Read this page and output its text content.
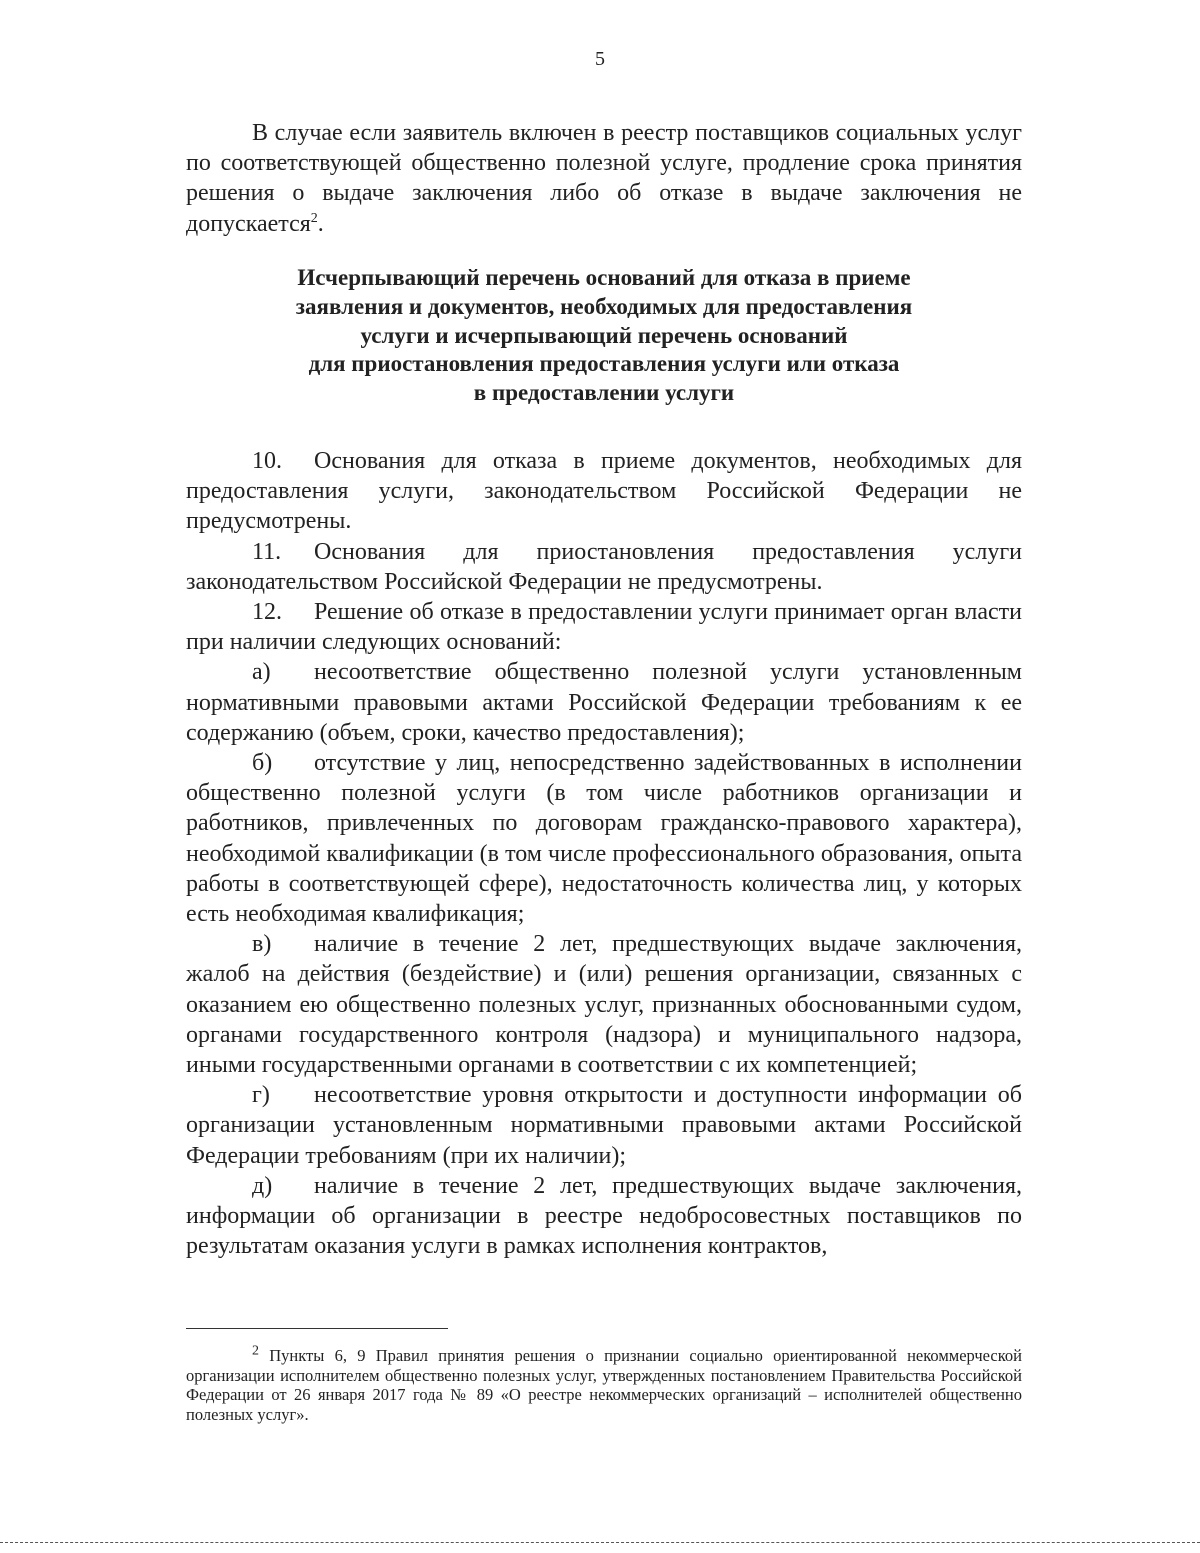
5

В случае если заявитель включен в реестр поставщиков социальных услуг по соответствующей общественно полезной услуге, продление срока принятия решения о выдаче заключения либо об отказе в выдаче заключения не допускается$^2$.

Исчерпывающий перечень оснований для отказа в приеме
заявления и документов, необходимых для предоставления
услуги и исчерпывающий перечень оснований
для приостановления предоставления услуги или отказа
в предоставлении услуги

10. Основания для отказа в приеме документов, необходимых для предоставления услуги, законодательством Российской Федерации не предусмотрены.

11. Основания для приостановления предоставления услуги законодательством Российской Федерации не предусмотрены.

12. Решение об отказе в предоставлении услуги принимает орган власти при наличии следующих оснований:

а) несоответствие общественно полезной услуги установленным нормативными правовыми актами Российской Федерации требованиям к ее содержанию (объем, сроки, качество предоставления);

б) отсутствие у лиц, непосредственно задействованных в исполнении общественно полезной услуги (в том числе работников организации и работников, привлеченных по договорам гражданско-правового характера), необходимой квалификации (в том числе профессионального образования, опыта работы в соответствующей сфере), недостаточность количества лиц, у которых есть необходимая квалификация;

в) наличие в течение 2 лет, предшествующих выдаче заключения, жалоб на действия (бездействие) и (или) решения организации, связанных с оказанием ею общественно полезных услуг, признанных обоснованными судом, органами государственного контроля (надзора) и муниципального надзора, иными государственными органами в соответствии с их компетенцией;

г) несоответствие уровня открытости и доступности информации об организации установленным нормативными правовыми актами Российской Федерации требованиям (при их наличии);

д) наличие в течение 2 лет, предшествующих выдаче заключения, информации об организации в реестре недобросовестных поставщиков по результатам оказания услуги в рамках исполнения контрактов,

$^2$ Пункты 6, 9 Правил принятия решения о признании социально ориентированной некоммерческой организации исполнителем общественно полезных услуг, утвержденных постановлением Правительства Российской Федерации от 26 января 2017 года № 89 «О реестре некоммерческих организаций – исполнителей общественно полезных услуг».
